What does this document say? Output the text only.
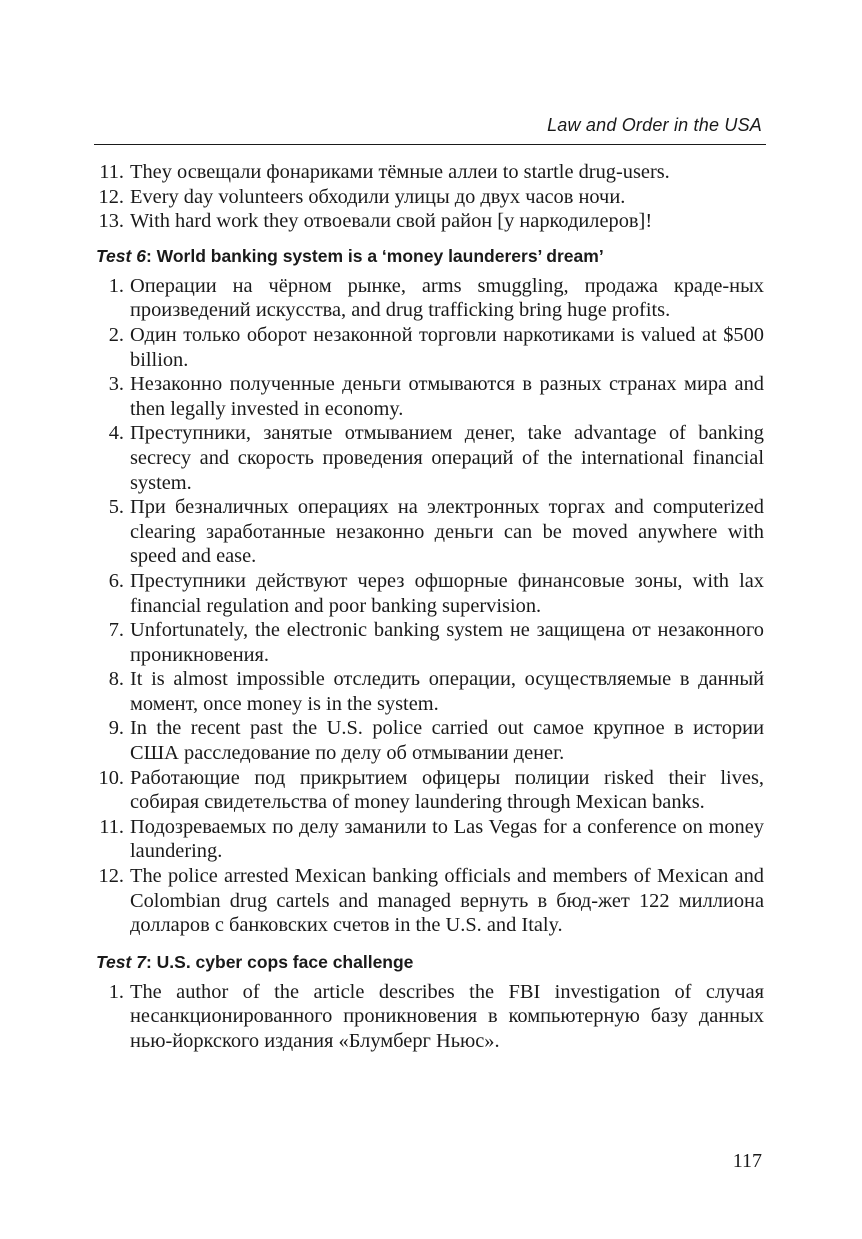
Law and Order in the USA
11. They освещали фонариками тёмные аллеи to startle drug-users.
12. Every day volunteers обходили улицы до двух часов ночи.
13. With hard work they отвоевали свой район [у наркодилеров]!
Test 6: World banking system is a ‘money launderers’ dream’
1. Операции на чёрном рынке, arms smuggling, продажа краде-ных произведений искусства, and drug trafficking bring huge profits.
2. Один только оборот незаконной торговли наркотиками is valued at $500 billion.
3. Незаконно полученные деньги отмываются в разных странах мира and then legally invested in economy.
4. Преступники, занятые отмыванием денег, take advantage of banking secrecy and скорость проведения операций of the international financial system.
5. При безналичных операциях на электронных торгах and computerized clearing заработанные незаконно деньги can be moved anywhere with speed and ease.
6. Преступники действуют через офшорные финансовые зоны, with lax financial regulation and poor banking supervision.
7. Unfortunately, the electronic banking system не защищена от незаконного проникновения.
8. It is almost impossible отследить операции, осуществляемые в данный момент, once money is in the system.
9. In the recent past the U.S. police carried out самое крупное в истории США расследование по делу об отмывании денег.
10. Работающие под прикрытием офицеры полиции risked their lives, собирая свидетельства of money laundering through Mexican banks.
11. Подозреваемых по делу заманили to Las Vegas for a conference on money laundering.
12. The police arrested Mexican banking officials and members of Mexican and Colombian drug cartels and managed вернуть в бюд-жет 122 миллиона долларов с банковских счетов in the U.S. and Italy.
Test 7: U.S. cyber cops face challenge
1. The author of the article describes the FBI investigation of случая несанкционированного проникновения в компьютерную базу данных нью-йоркского издания «Блумберг Ньюс».
117
